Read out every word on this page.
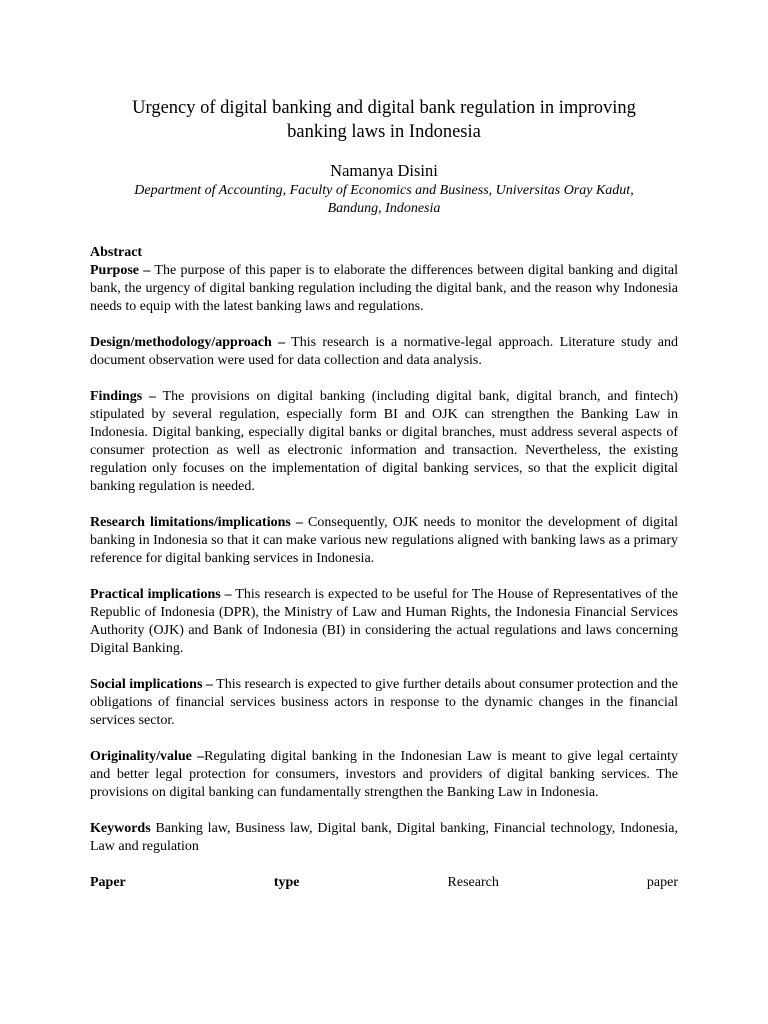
Urgency of digital banking and digital bank regulation in improving
banking laws in Indonesia
Namanya Disini
Department of Accounting, Faculty of Economics and Business, Universitas Oray Kadut,
Bandung, Indonesia
Abstract

Purpose – The purpose of this paper is to elaborate the differences between digital banking and digital bank, the urgency of digital banking regulation including the digital bank, and the reason why Indonesia needs to equip with the latest banking laws and regulations.

Design/methodology/approach – This research is a normative-legal approach. Literature study and document observation were used for data collection and data analysis.

Findings – The provisions on digital banking (including digital bank, digital branch, and fintech) stipulated by several regulation, especially form BI and OJK can strengthen the Banking Law in Indonesia. Digital banking, especially digital banks or digital branches, must address several aspects of consumer protection as well as electronic information and transaction. Nevertheless, the existing regulation only focuses on the implementation of digital banking services, so that the explicit digital banking regulation is needed.

Research limitations/implications – Consequently, OJK needs to monitor the development of digital banking in Indonesia so that it can make various new regulations aligned with banking laws as a primary reference for digital banking services in Indonesia.

Practical implications – This research is expected to be useful for The House of Representatives of the Republic of Indonesia (DPR), the Ministry of Law and Human Rights, the Indonesia Financial Services Authority (OJK) and Bank of Indonesia (BI) in considering the actual regulations and laws concerning Digital Banking.

Social implications – This research is expected to give further details about consumer protection and the obligations of financial services business actors in response to the dynamic changes in the financial services sector.

Originality/value –Regulating digital banking in the Indonesian Law is meant to give legal certainty and better legal protection for consumers, investors and providers of digital banking services. The provisions on digital banking can fundamentally strengthen the Banking Law in Indonesia.

Keywords Banking law, Business law, Digital bank, Digital banking, Financial technology, Indonesia, Law and regulation

Paper	type	Research	paper
